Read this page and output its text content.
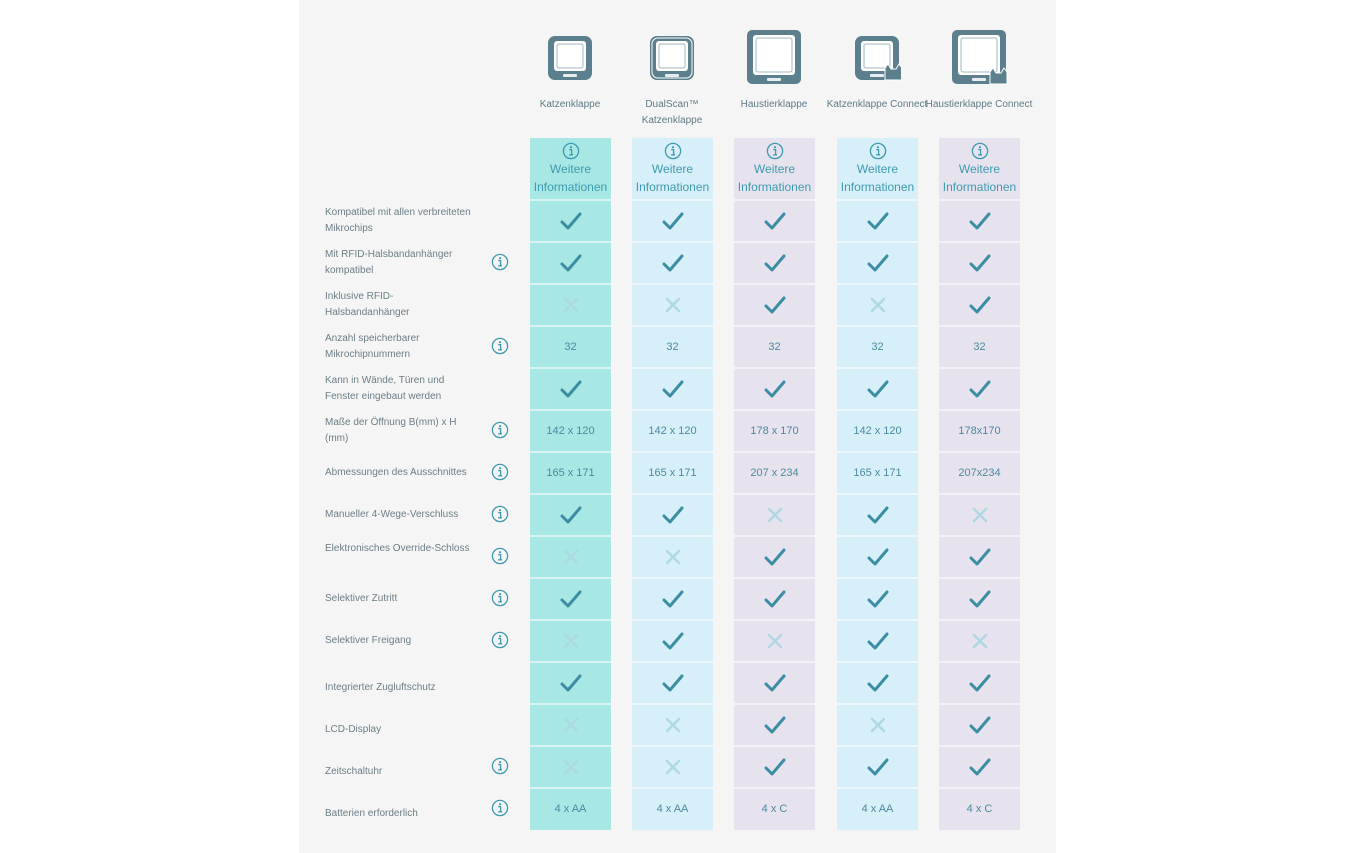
Katzenklappe	DualScan™ Katzenklappe
Haustierklappe	Katzenklappe Connect
Haustierklappe Connect
Weitere Informationen
32
142 x 120
165 x 171
4 x AA
Weitere Informationen
32
142 x 120
165 x 171
4 x AA
Weitere Informationen
32
178 x 170
207 x 234
4 x C
Weitere Informationen
32
142 x 120
165 x 171
4 x AA
Weitere Informationen
32
178x170
207x234
4 x C
Kompatibel mit allen verbreiteten Mikrochips
Mit RFID-Halsbandanhänger kompatibel
Inklusive RFID-Halsbandanhänger
Anzahl speicherbarer Mikrochipnummern
Kann in Wände, Türen und Fenster eingebaut werden
Maße der Öffnung B(mm) x H (mm)
Abmessungen des Ausschnittes
Manueller 4-Wege-Verschluss
Elektronisches Override-Schloss
Selektiver Zutritt
Selektiver Freigang
Integrierter Zugluftschutz
LCD-Display
Zeitschaltuhr
Batterien erforderlich
